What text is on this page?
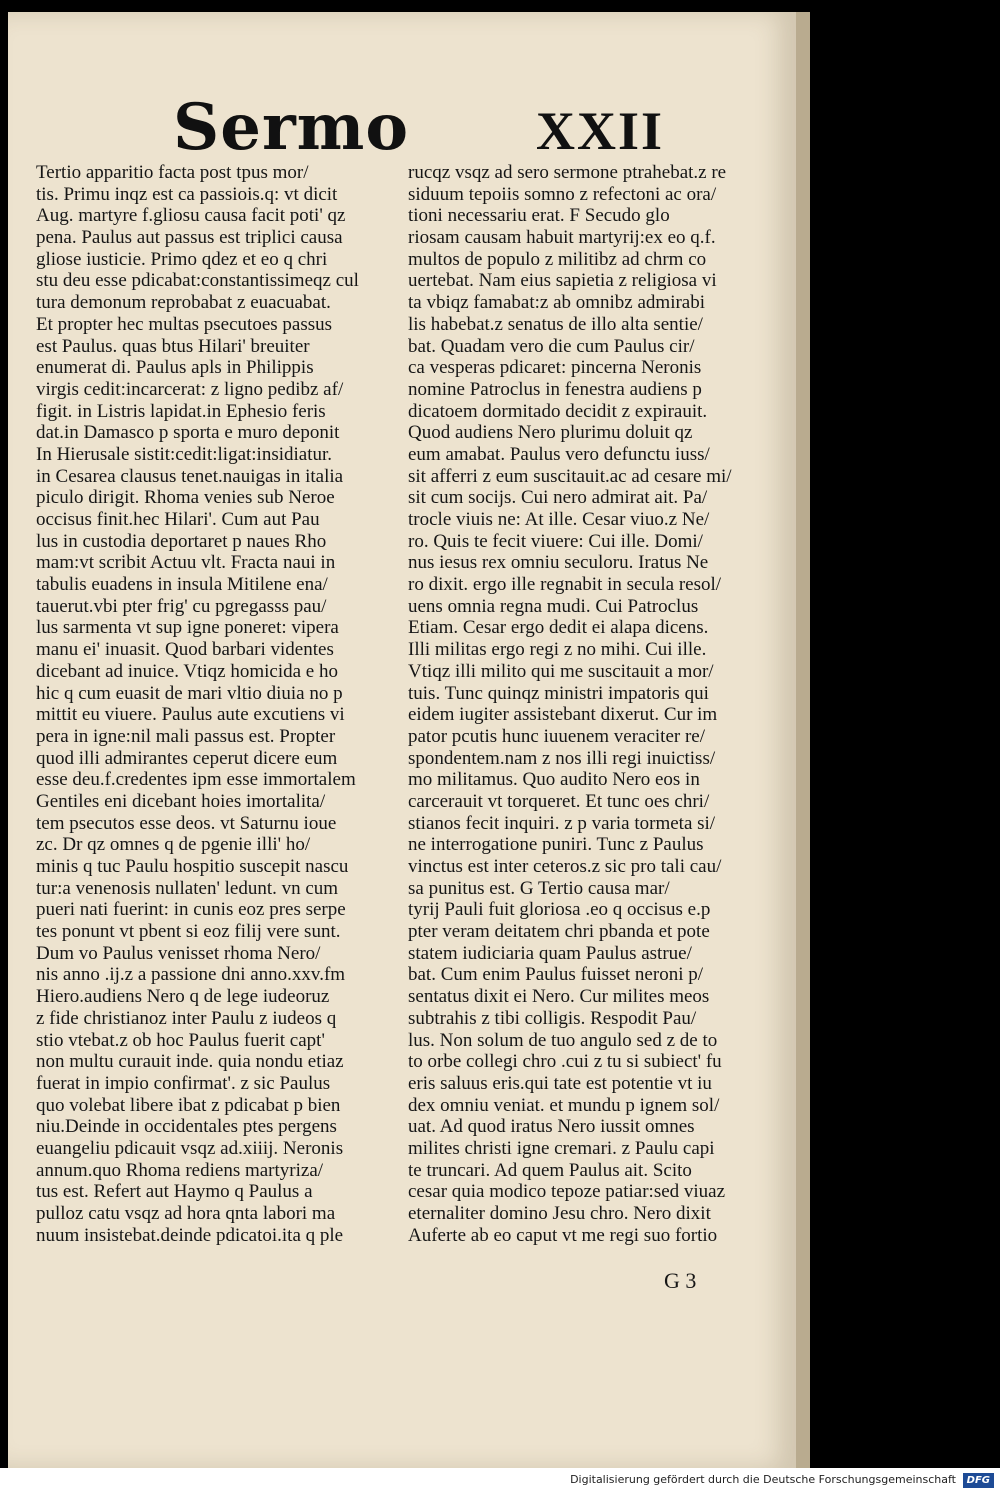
Sermo XXII
Tertio apparitio facta post tpus mor/
tis. Primu inqz est ca passiois.q: vt dicit
Aug. martyre f.gliosu causa facit poti' qz
pena. Paulus aut passus est triplici causa
gliose iusticie. Primo qdez et eo q chri
stu deu esse pdicabat:constantissimeqz cul
tura demonum reprobabat z euacuabat.
Et propter hec multas psecutoes passus
est Paulus. quas btus Hilari' breuiter
enumerat di. Paulus apls in Philippis
virgis cedit:incarcerat: z ligno pedibz af/
figit. in Listris lapidat.in Ephesio feris
dat.in Damasco p sporta e muro deponit
In Hierusale sistit:cedit:ligat:insidiatur.
in Cesarea clausus tenet.nauigas in italia
piculo dirigit. Rhoma venies sub Neroe
occisus finit.hec Hilari'. Cum aut Pau
lus in custodia deportaret p naues Rho
mam:vt scribit Actuu vlt. Fracta naui in
tabulis euadens in insula Mitilene ena/
tauerut.vbi pter frig' cu pgregasss pau/
lus sarmenta vt sup igne poneret: vipera
manu ei' inuasit. Quod barbari videntes
dicebant ad inuice. Vtiqz homicida e ho
hic q cum euasit de mari vltio diuia no p
mittit eu viuere. Paulus aute excutiens vi
pera in igne:nil mali passus est. Propter
quod illi admirantes ceperut dicere eum
esse deu.f.credentes ipm esse immortalem
Gentiles eni dicebant hoies imortalita/
tem psecutos esse deos. vt Saturnu ioue
zc. Dr qz omnes q de pgenie illi' ho/
minis q tuc Paulu hospitio suscepit nascu
tur:a venenosis nullaten' ledunt. vn cum
pueri nati fuerint: in cunis eoz pres serpe
tes ponunt vt pbent si eoz filij vere sunt.
Dum vo Paulus venisset rhoma Nero/
nis anno .ij.z a passione dni anno.xxv.fm
Hiero.audiens Nero q de lege iudeoruz
z fide christianoz inter Paulu z iudeos q
stio vtebat.z ob hoc Paulus fuerit capt'
non multu curauit inde. quia nondu etiaz
fuerat in impio confirmat'. z sic Paulus
quo volebat libere ibat z pdicabat p bien
niu.Deinde in occidentales ptes pergens
euangeliu pdicauit vsqz ad.xiiij. Neronis
annum.quo Rhoma rediens martyriza/
tus est. Refert aut Haymo q Paulus a
pulloz catu vsqz ad hora qnta labori ma
nuum insistebat.deinde pdicatoi.ita q ple
rucqz vsqz ad sero sermone ptrahebat.z re
siduum tepoiis somno z refectoni ac ora/
tioni necessariu erat. F Secudo glo
riosam causam habuit martyrij:ex eo q.f.
multos de populo z militibz ad chrm co
uertebat. Nam eius sapietia z religiosa vi
ta vbiqz famabat:z ab omnibz admirabi
lis habebat.z senatus de illo alta sentie/
bat. Quadam vero die cum Paulus cir/
ca vesperas pdicaret: pincerna Neronis
nomine Patroclus in fenestra audiens p
dicatoem dormitado decidit z expirauit.
Quod audiens Nero plurimu doluit qz
eum amabat. Paulus vero defunctu iuss/
sit afferri z eum suscitauit.ac ad cesare mi/
sit cum socijs. Cui nero admirat ait. Pa/
trocle viuis ne: At ille. Cesar viuo.z Ne/
ro. Quis te fecit viuere: Cui ille. Domi/
nus iesus rex omniu seculoru. Iratus Ne
ro dixit. ergo ille regnabit in secula resol/
uens omnia regna mudi. Cui Patroclus
Etiam. Cesar ergo dedit ei alapa dicens.
Illi militas ergo regi z no mihi. Cui ille.
Vtiqz illi milito qui me suscitauit a mor/
tuis. Tunc quinqz ministri impatoris qui
eidem iugiter assistebant dixerut. Cur im
pator pcutis hunc iuuenem veraciter re/
spondentem.nam z nos illi regi inuictiss/
mo militamus. Quo audito Nero eos in
carcerauit vt torqueret. Et tunc oes chri/
stianos fecit inquiri. z p varia tormeta si/
ne interrogatione puniri. Tunc z Paulus
vinctus est inter ceteros.z sic pro tali cau/
sa punitus est. G Tertio causa mar/
tyrij Pauli fuit gloriosa .eo q occisus e.p
pter veram deitatem chri pbanda et pote
statem iudiciaria quam Paulus astrue/
bat. Cum enim Paulus fuisset neroni p/
sentatus dixit ei Nero. Cur milites meos
subtrahis z tibi colligis. Respodit Pau/
lus. Non solum de tuo angulo sed z de to
to orbe collegi chro .cui z tu si subiect' fu
eris saluus eris.qui tate est potentie vt iu
dex omniu veniat. et mundu p ignem sol/
uat. Ad quod iratus Nero iussit omnes
milites christi igne cremari. z Paulu capi
te truncari. Ad quem Paulus ait. Scito
cesar quia modico tepoze patiar:sed viuaz
eternaliter domino Jesu chro. Nero dixit
Auferte ab eo caput vt me regi suo fortio
G 3
Digitalisierung gefördert durch die Deutsche Forschungsgemeinschaft	DFG
